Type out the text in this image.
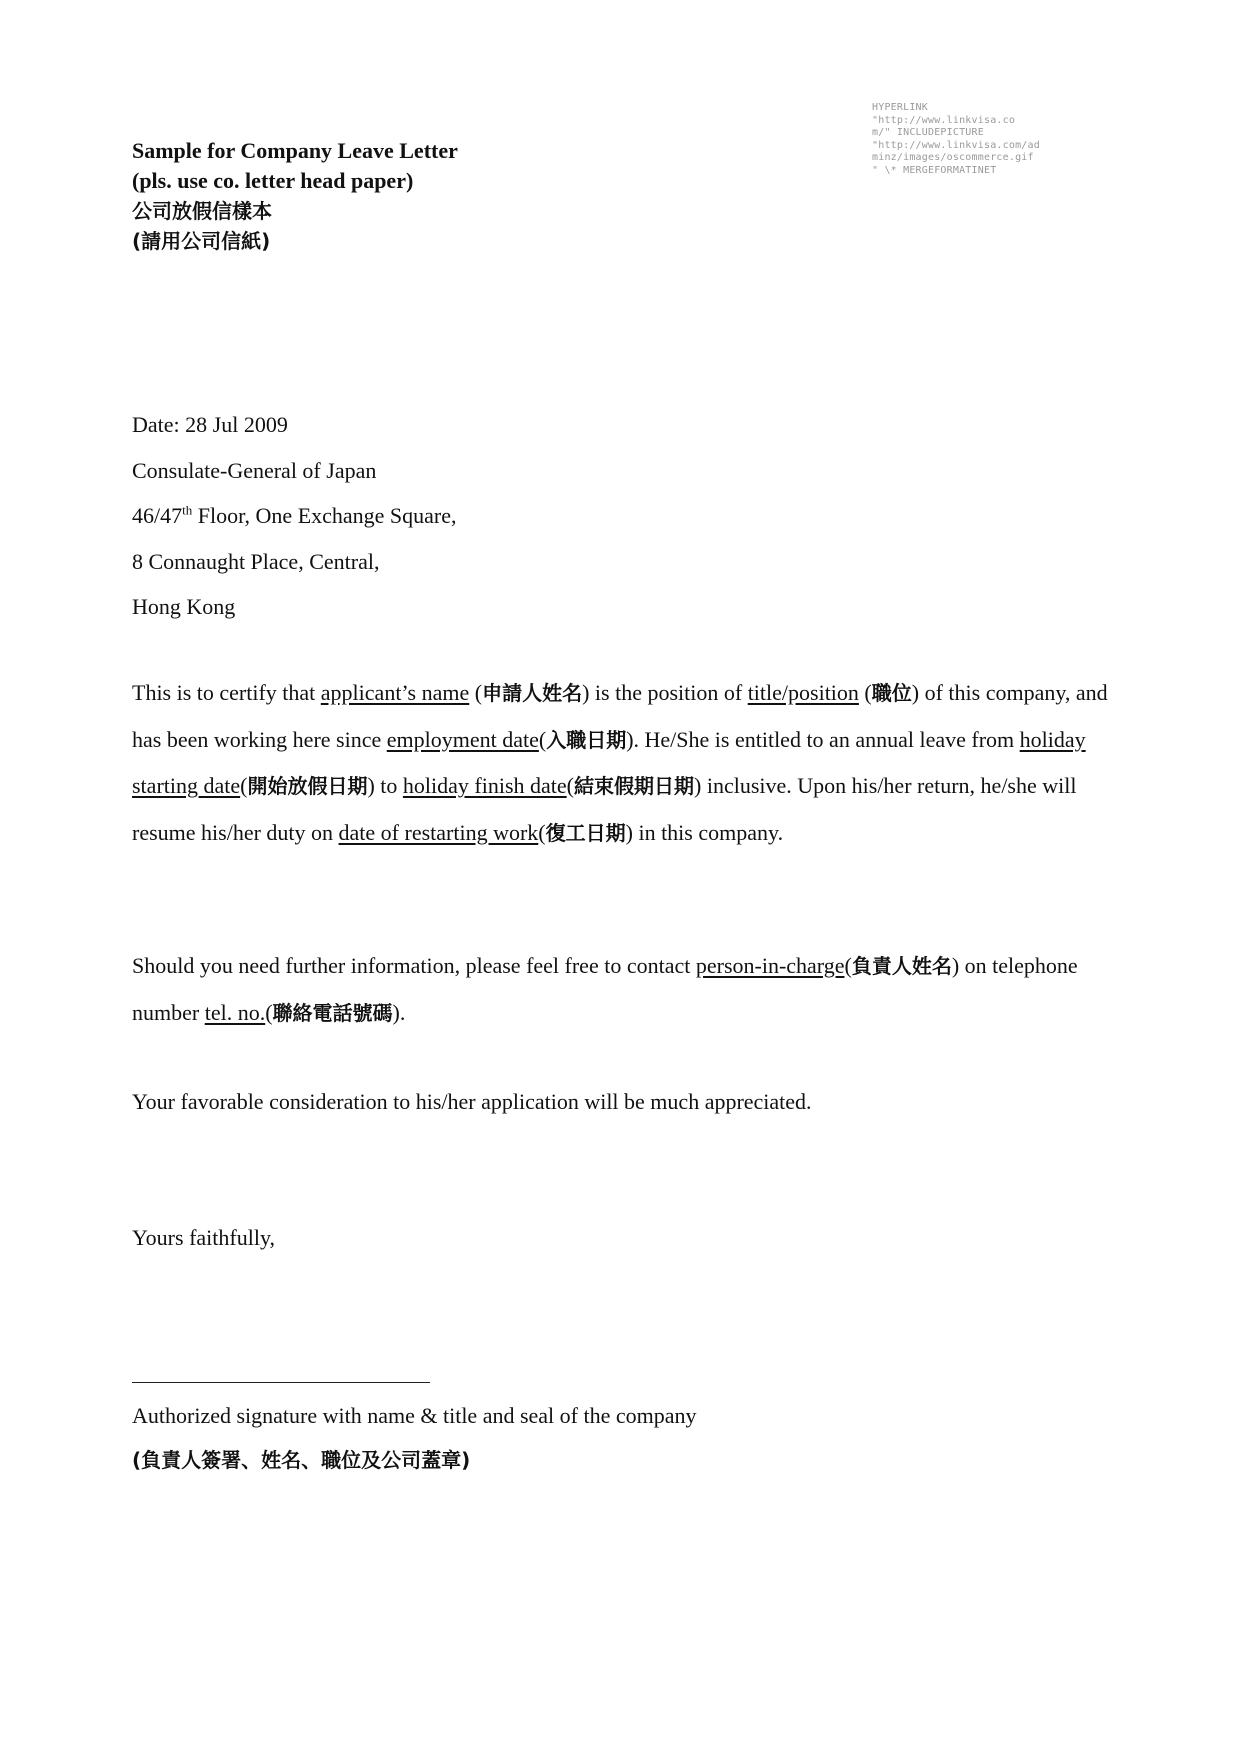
Sample for Company Leave Letter
(pls. use co. letter head paper)
公司放假信樣本
(請用公司信紙)
HYPERLINK
"http://www.linkvisa.co
m/" INCLUDEPICTURE
"http://www.linkvisa.com/ad
minz/images/oscommerce.gif
" \* MERGEFORMATINET
Date: 28 Jul 2009
Consulate-General of Japan
46/47th Floor, One Exchange Square,
8 Connaught Place, Central,
Hong Kong
This is to certify that applicant’s name (申請人姓名) is the position of title/position (職位) of this company, and has been working here since employment date(入職日期). He/She is entitled to an annual leave from holiday starting date(開始放假日期) to holiday finish date(結束假期日期) inclusive. Upon his/her return, he/she will resume his/her duty on date of restarting work(復工日期) in this company.
Should you need further information, please feel free to contact person-in-charge(負責人姓名) on telephone number tel. no.(聯絡電話號碼).
Your favorable consideration to his/her application will be much appreciated.
Yours faithfully,
Authorized signature with name & title and seal of the company
(負責人簽署、姓名、職位及公司蓋章)
